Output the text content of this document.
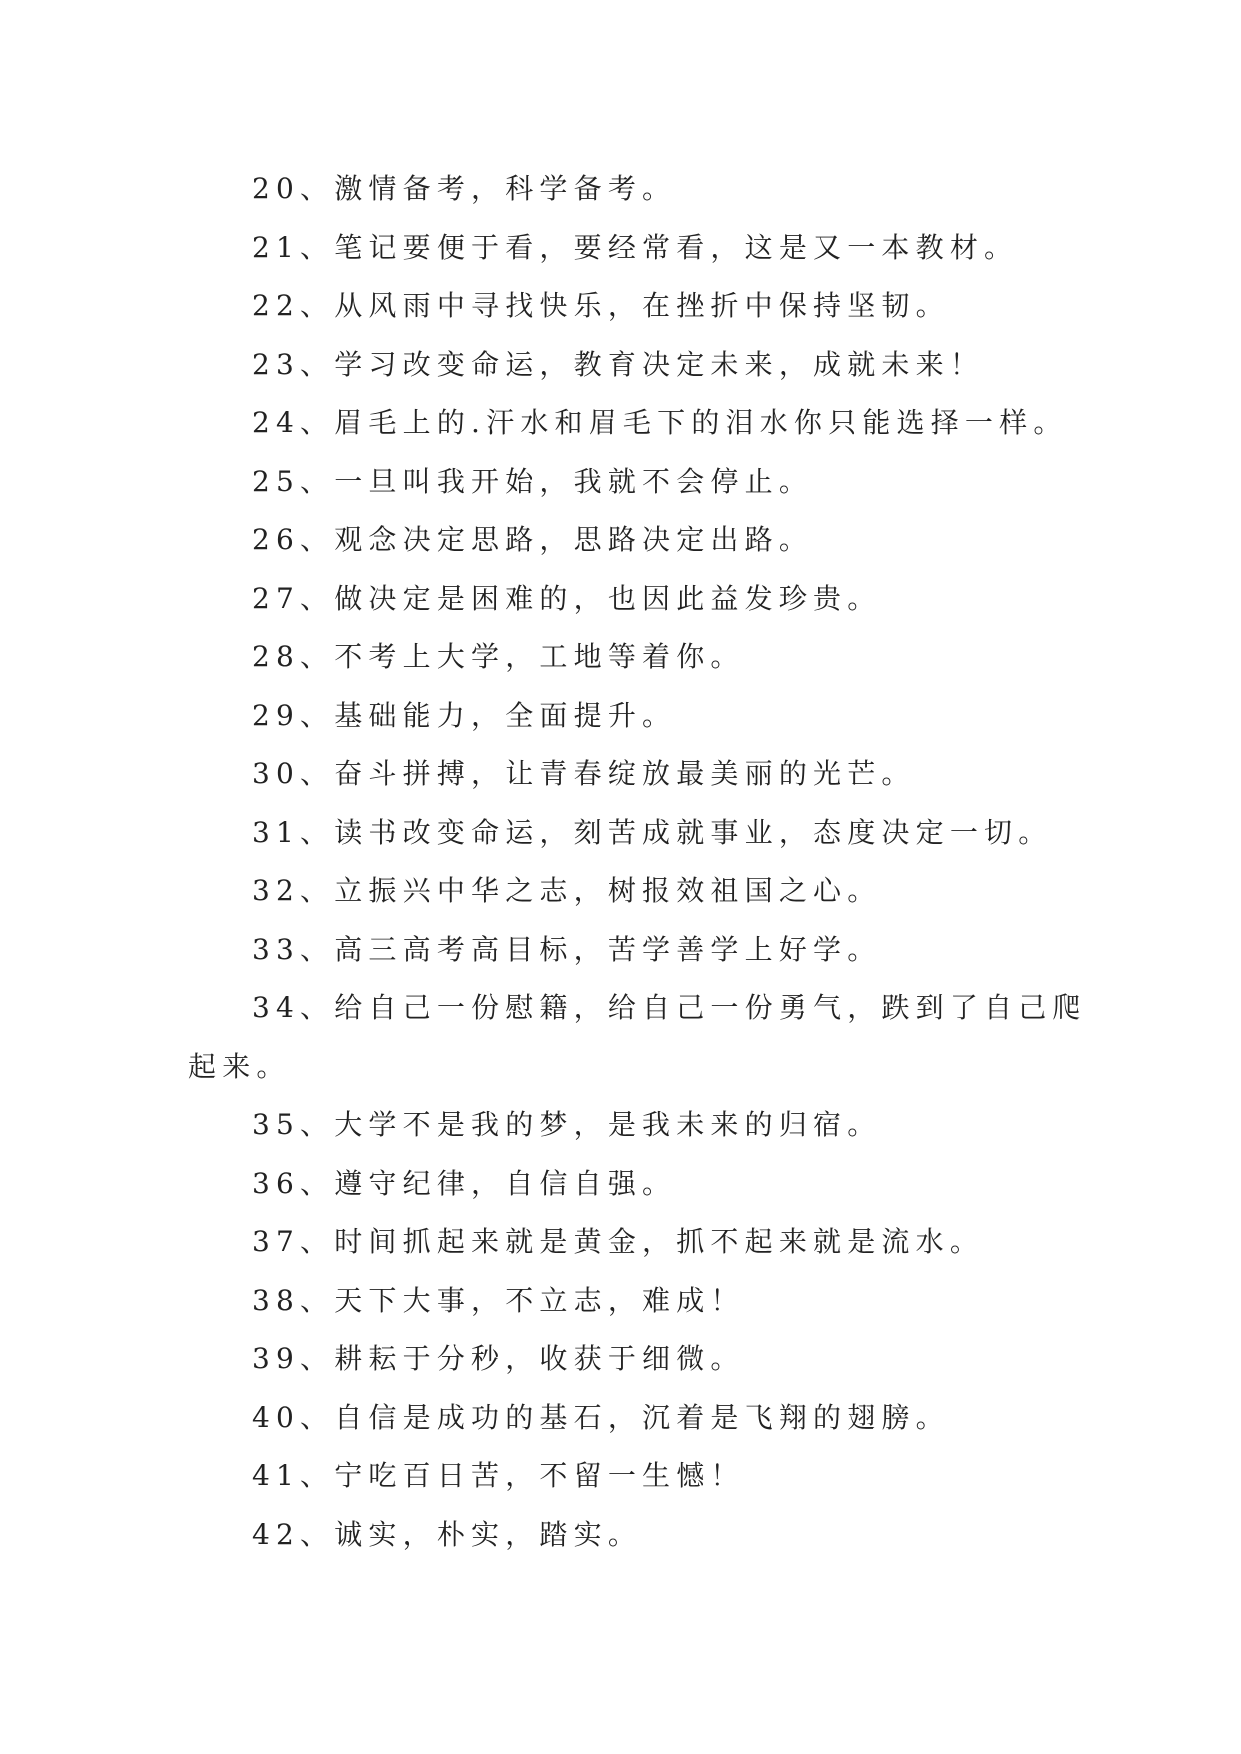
20、激情备考，科学备考。
21、笔记要便于看，要经常看，这是又一本教材。
22、从风雨中寻找快乐，在挫折中保持坚韧。
23、学习改变命运，教育决定未来，成就未来！
24、眉毛上的.汗水和眉毛下的泪水你只能选择一样。
25、一旦叫我开始，我就不会停止。
26、观念决定思路，思路决定出路。
27、做决定是困难的，也因此益发珍贵。
28、不考上大学，工地等着你。
29、基础能力，全面提升。
30、奋斗拼搏，让青春绽放最美丽的光芒。
31、读书改变命运，刻苦成就事业，态度决定一切。
32、立振兴中华之志，树报效祖国之心。
33、高三高考高目标，苦学善学上好学。
34、给自己一份慰籍，给自己一份勇气，跌到了自己爬
起来。
35、大学不是我的梦，是我未来的归宿。
36、遵守纪律，自信自强。
37、时间抓起来就是黄金，抓不起来就是流水。
38、天下大事，不立志，难成！
39、耕耘于分秒，收获于细微。
40、自信是成功的基石，沉着是飞翔的翅膀。
41、宁吃百日苦，不留一生憾！
42、诚实，朴实，踏实。
